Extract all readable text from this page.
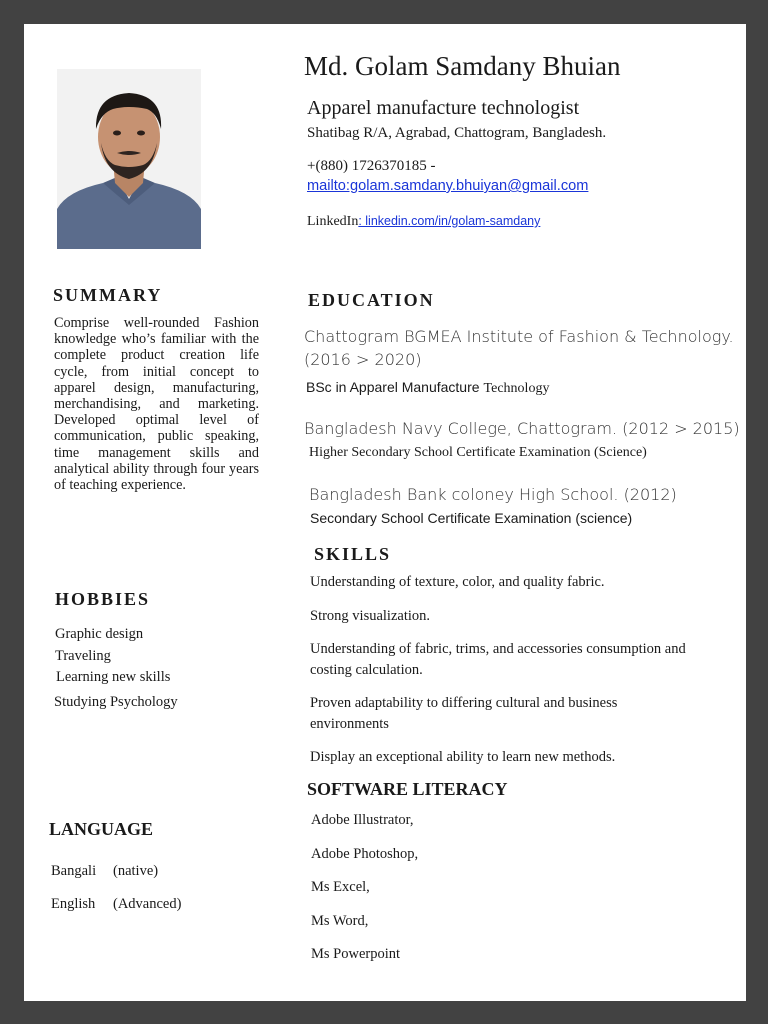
Md. Golam Samdany Bhuian
Apparel manufacture technologist
Shatibag R/A, Agrabad, Chattogram, Bangladesh.
+(880) 1726370185 -
mailto:golam.samdany.bhuiyan@gmail.com
LinkedIn: linkedin.com/in/golam-samdany
SUMMARY
Comprise well-rounded Fashion knowledge who’s familiar with the complete product creation life cycle, from initial concept to apparel design, manufacturing, merchandising, and marketing. Developed optimal level of communication, public speaking, time management skills and analytical ability through four years of teaching experience.
HOBBIES
Graphic design
Traveling
Learning new skills
Studying Psychology
LANGUAGE
Bangali (native)
English (Advanced)
EDUCATION
Chattogram BGMEA Institute of Fashion & Technology.
(2016 > 2020)
BSc in Apparel Manufacture Technology
Bangladesh Navy College, Chattogram. (2012 > 2015)
Higher Secondary School Certificate Examination (Science)
Bangladesh Bank coloney High School. (2012)
Secondary School Certificate Examination (science)
SKILLS
Understanding of texture, color, and quality fabric.
Strong visualization.
Understanding of fabric, trims, and accessories consumption and
costing calculation.
Proven adaptability to differing cultural and business
environments
Display an exceptional ability to learn new methods.
SOFTWARE LITERACY
Adobe Illustrator,
Adobe Photoshop,
Ms Excel,
Ms Word,
Ms Powerpoint
